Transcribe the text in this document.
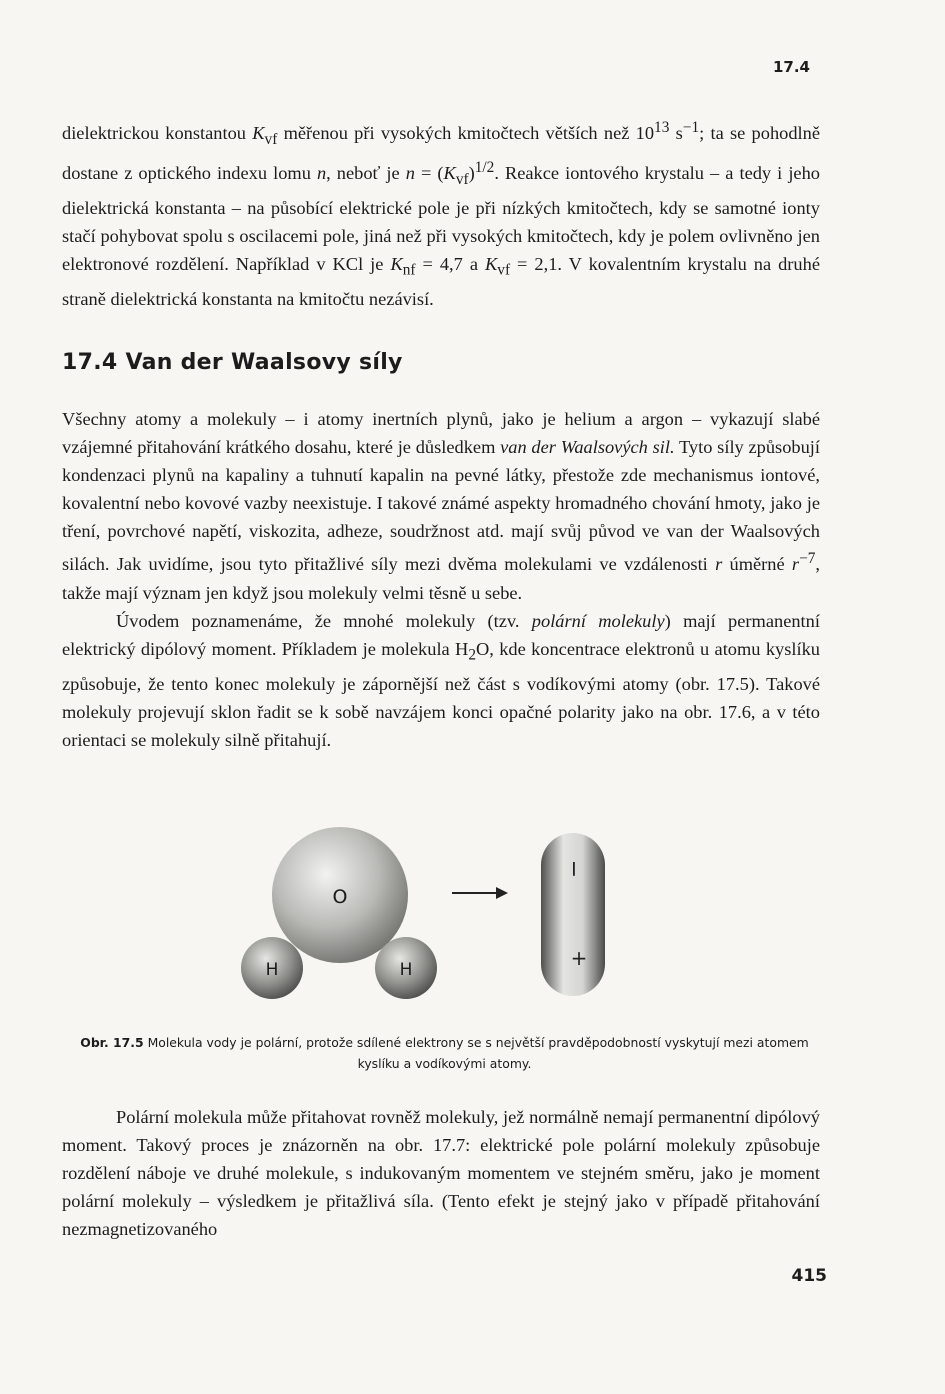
17.4

dielektrickou konstantou $K_{vf}$ měřenou při vysokých kmitočtech větších než $10^{13}$ $s^{-1}$; ta se pohodlně dostane z optického indexu lomu n, neboť je $n = (K_{vf})^{1/2}$. Reakce iontového krystalu – a tedy i jeho dielektrická konstanta – na působící elektrické pole je při nízkých kmitočtech, kdy se samotné ionty stačí pohybovat spolu s oscilacemi pole, jiná než při vysokých kmitočtech, kdy je polem ovlivněno jen elektronové rozdělení. Například v KCl je $K_{nf} = 4,7$ a $K_{vf} = 2,1$. V kovalentním krystalu na druhé straně dielektrická konstanta na kmitočtu nezávisí.

17.4 Van der Waalsovy síly

Všechny atomy a molekuly – i atomy inertních plynů, jako je helium a argon – vykazují slabé vzájemné přitahování krátkého dosahu, které je důsledkem van der Waalsových sil. Tyto síly způsobují kondenzaci plynů na kapaliny a tuhnutí kapalin na pevné látky, přestože zde mechanismus iontové, kovalentní nebo kovové vazby neexistuje. I takové známé aspekty hromadného chování hmoty, jako je tření, povrchové napětí, viskozita, adheze, soudržnost atd. mají svůj původ ve van der Waalsových silách. Jak uvidíme, jsou tyto přitažlivé síly mezi dvěma molekulami ve vzdálenosti r úměrné $r^{-7}$, takže mají význam jen když jsou molekuly velmi těsně u sebe.

Úvodem poznamenáme, že mnohé molekuly (tzv. polární molekuly) mají permanentní elektrický dipólový moment. Příkladem je molekula $H_2O$, kde koncentrace elektronů u atomu kyslíku způsobuje, že tento konec molekuly je zápornější než část s vodíkovými atomy (obr. 17.5). Takové molekuly projevují sklon řadit se k sobě navzájem konci opačné polarity jako na obr. 17.6, a v této orientaci se molekuly silně přitahují.

O
H	H
−
+
Obr. 17.5 Molekula vody je polární, protože sdílené elektrony se s největší pravděpodobností vyskytují mezi atomem kyslíku a vodíkovými atomy.

Polární molekula může přitahovat rovněž molekuly, jež normálně nemají permanentní dipólový moment. Takový proces je znázorněn na obr. 17.7: elektrické pole polární molekuly způsobuje rozdělení náboje ve druhé molekule, s indukovaným momentem ve stejném směru, jako je moment polární molekuly – výsledkem je přitažlivá síla. (Tento efekt je stejný jako v případě přitahování nezmagnetizovaného

415
